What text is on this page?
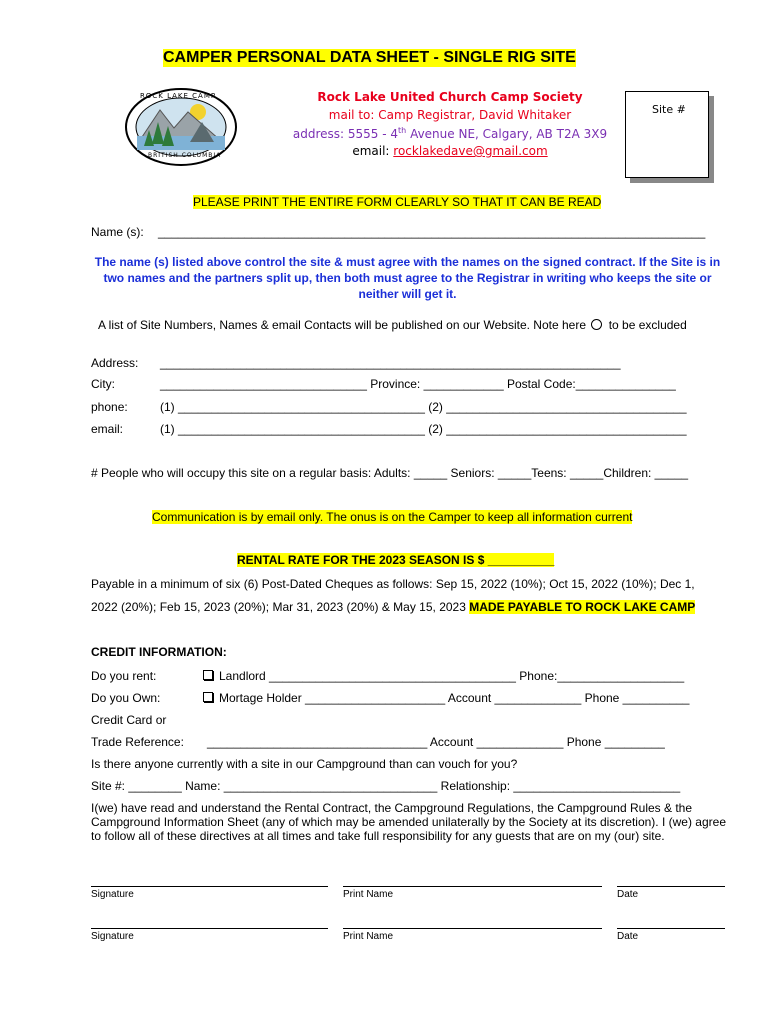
CAMPER PERSONAL DATA SHEET - SINGLE RIG SITE
ROCK LAKE CAMP
BRITISH COLUMBIA
Rock Lake United Church Camp Society
mail to: Camp Registrar, David Whitaker
address: 5555 - 4th Avenue NE, Calgary, AB T2A 3X9
email: rocklakedave@gmail.com
Site #
PLEASE PRINT THE ENTIRE FORM CLEARLY SO THAT IT CAN BE READ
Name (s): __________________________________________________________________________________
The name (s) listed above control the site & must agree with the names on the signed contract. If the Site is in two names and the partners split up, then both must agree to the Registrar in writing who keeps the site or neither will get it.
A list of Site Numbers, Names & email Contacts will be published on our Website. Note here to be excluded
Address: _____________________________________________________________________
City:	_______________________________ Province: ____________ Postal Code:_______________
phone:	(1) _____________________________________ (2) ____________________________________
email:	(1) _____________________________________ (2) ____________________________________
# People who will occupy this site on a regular basis: Adults: _____ Seniors: _____Teens: _____Children: _____
Communication is by email only. The onus is on the Camper to keep all information current
RENTAL RATE FOR THE 2023 SEASON IS $ __________
Payable in a minimum of six (6) Post-Dated Cheques as follows: Sep 15, 2022 (10%); Oct 15, 2022 (10%); Dec 1,
2022 (20%); Feb 15, 2023 (20%); Mar 31, 2023 (20%) & May 15, 2023 MADE PAYABLE TO ROCK LAKE CAMP
CREDIT INFORMATION:
Do you rent:	Landlord _____________________________________ Phone:___________________
Do you Own:	Mortage Holder _____________________ Account _____________ Phone __________
Credit Card or
Trade Reference: _________________________________ Account _____________ Phone _________
Is there anyone currently with a site in our Campground than can vouch for you?
Site #: ________ Name: ________________________________ Relationship: _________________________
I(we) have read and understand the Rental Contract, the Campground Regulations, the Campground Rules & the Campground Information Sheet (any of which may be amended unilaterally by the Society at its discretion). I (we) agree to follow all of these directives at all times and take full responsibility for any guests that are on my (our) site.
Signature	Print Name	Date
Signature	Print Name	Date
